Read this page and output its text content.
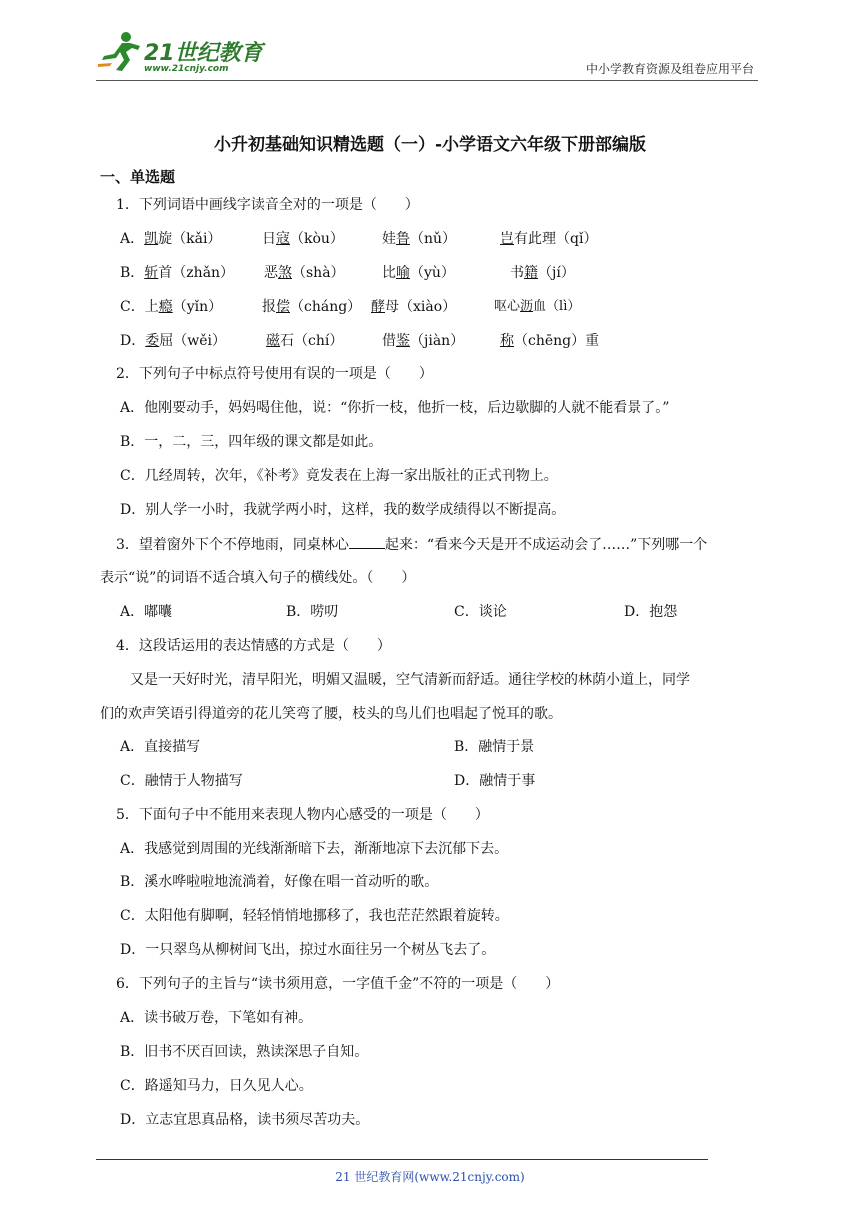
21世纪教育
www.21cnjy.com	中小学教育资源及组卷应用平台
小升初基础知识精选题（一）-小学语文六年级下册部编版
一、单选题
1．下列词语中画线字读音全对的一项是（　　）
A．凯旋（kǎi）	日寇（kòu）	娃鲁（nǔ）	岂有此理（qǐ）
B．斩首（zhǎn） 恶煞（shà）	比喻（yù）	书籍（jí）
C．上瘾（yǐn）	报偿（cháng） 酵母（xiào）	呕心沥血（lì）
D．委屈（wěi）	磁石（chí）	借鉴（jiàn）	称（chēng）重
2．下列句子中标点符号使用有误的一项是（　　）
A．他刚要动手，妈妈喝住他，说：“你折一枝，他折一枝，后边歇脚的人就不能看景了。”
B．一，二，三，四年级的课文都是如此。
C．几经周转，次年，《补考》竟发表在上海一家出版社的正式刊物上。
D．别人学一小时，我就学两小时，这样，我的数学成绩得以不断提高。
3．望着窗外下个不停地雨，同桌林心	起来：“看来今天是开不成运动会了……”下列哪一个
表示“说”的词语不适合填入句子的横线处。（　　）
A．嘟囔	B．唠叨	C．谈论	D．抱怨
4．这段话运用的表达情感的方式是（　　）
又是一天好时光，清早阳光，明媚又温暖，空气清新而舒适。通往学校的林荫小道上，同学
们的欢声笑语引得道旁的花儿笑弯了腰，枝头的鸟儿们也唱起了悦耳的歌。
A．直接描写	B．融情于景
C．融情于人物描写	D．融情于事
5．下面句子中不能用来表现人物内心感受的一项是（　　）
A．我感觉到周围的光线渐渐暗下去，渐渐地凉下去沉郁下去。
B．溪水哗啦啦地流淌着，好像在唱一首动听的歌。
C．太阳他有脚啊，轻轻悄悄地挪移了，我也茫茫然跟着旋转。
D．一只翠鸟从柳树间飞出，掠过水面往另一个树丛飞去了。
6．下列句子的主旨与“读书须用意，一字值千金”不符的一项是（　　）
A．读书破万卷，下笔如有神。
B．旧书不厌百回读，熟读深思子自知。
C．路遥知马力，日久见人心。
D．立志宜思真品格，读书须尽苦功夫。
21 世纪教育网(www.21cnjy.com)
